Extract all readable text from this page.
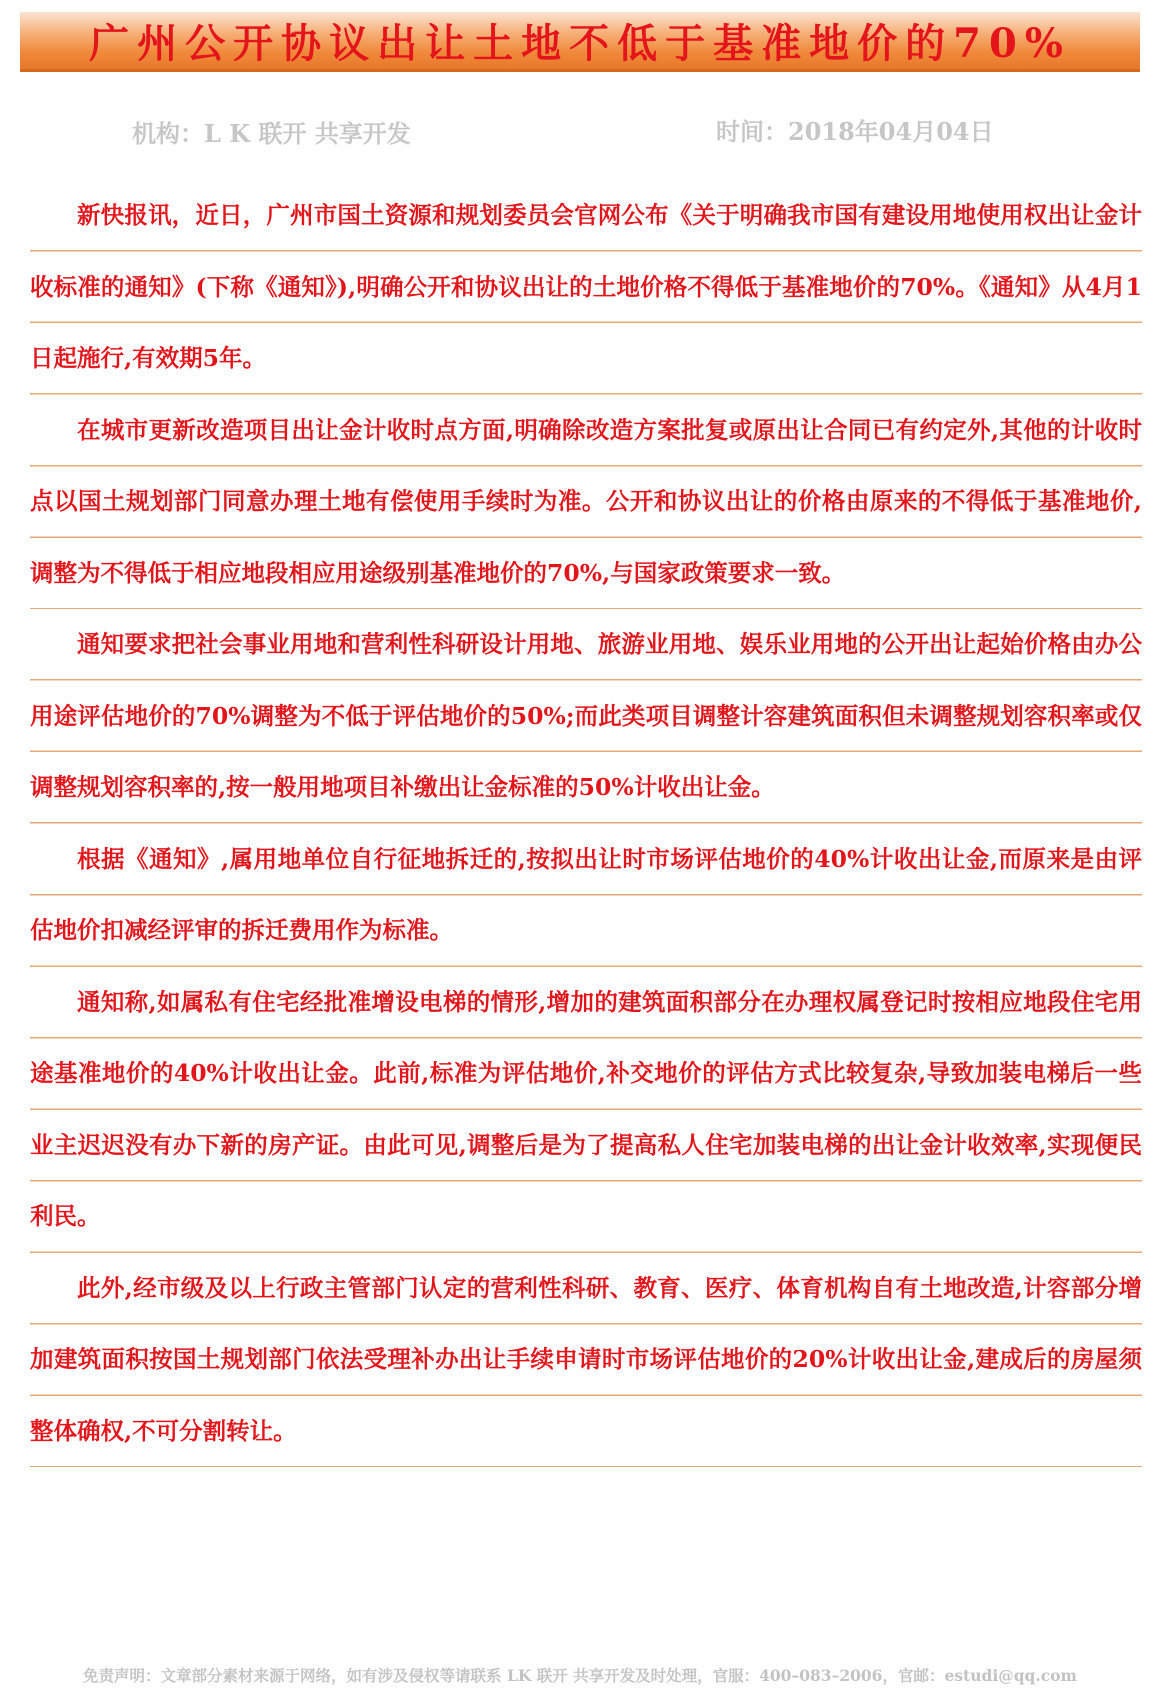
广州公开协议出让土地不低于基准地价的70%
机构：L K 联开 共享开发	时间：2018年04月04日

新快报讯，近日，广州市国土资源和规划委员会官网公布《关于明确我市国有建设用地使用权出让金计收标准的通知》(下称《通知》),明确公开和协议出让的土地价格不得低于基准地价的70%。《通知》从4月1日起施行,有效期5年。

在城市更新改造项目出让金计收时点方面,明确除改造方案批复或原出让合同已有约定外,其他的计收时点以国土规划部门同意办理土地有偿使用手续时为准。公开和协议出让的价格由原来的不得低于基准地价,调整为不得低于相应地段相应用途级别基准地价的70%,与国家政策要求一致。

通知要求把社会事业用地和营利性科研设计用地、旅游业用地、娱乐业用地的公开出让起始价格由办公用途评估地价的70%调整为不低于评估地价的50%;而此类项目调整计容建筑面积但未调整规划容积率或仅调整规划容积率的,按一般用地项目补缴出让金标准的50%计收出让金。

根据《通知》,属用地单位自行征地拆迁的,按拟出让时市场评估地价的40%计收出让金,而原来是由评估地价扣减经评审的拆迁费用作为标准。

通知称,如属私有住宅经批准增设电梯的情形,增加的建筑面积部分在办理权属登记时按相应地段住宅用途基准地价的40%计收出让金。此前,标准为评估地价,补交地价的评估方式比较复杂,导致加装电梯后一些业主迟迟没有办下新的房产证。由此可见,调整后是为了提高私人住宅加装电梯的出让金计收效率,实现便民利民。

此外,经市级及以上行政主管部门认定的营利性科研、教育、医疗、体育机构自有土地改造,计容部分增加建筑面积按国土规划部门依法受理补办出让手续申请时市场评估地价的20%计收出让金,建成后的房屋须整体确权,不可分割转让。

免责声明：文章部分素材来源于网络，如有涉及侵权等请联系 LK 联开 共享开发及时处理，官服：400–083–2006，官邮：estudi@qq.com
